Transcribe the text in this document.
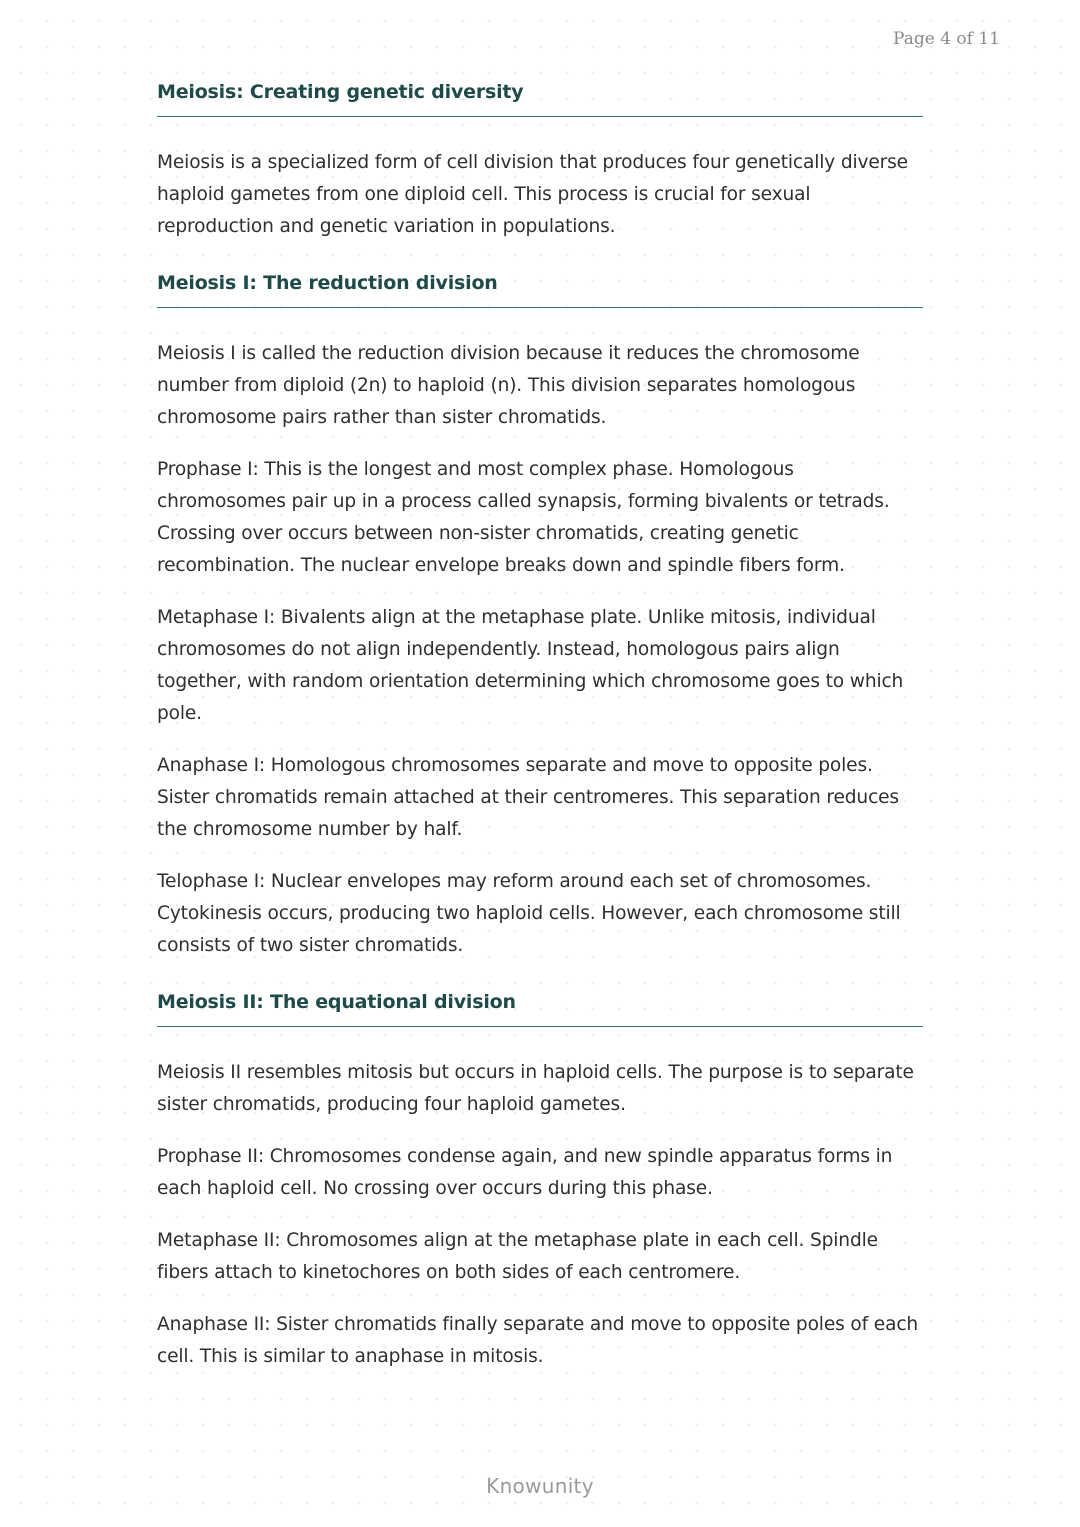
Page 4 of 11
Meiosis: Creating genetic diversity

Meiosis is a specialized form of cell division that produces four genetically diverse haploid gametes from one diploid cell. This process is crucial for sexual reproduction and genetic variation in populations.

Meiosis I: The reduction division

Meiosis I is called the reduction division because it reduces the chromosome number from diploid (2n) to haploid (n). This division separates homologous chromosome pairs rather than sister chromatids.

Prophase I: This is the longest and most complex phase. Homologous chromosomes pair up in a process called synapsis, forming bivalents or tetrads. Crossing over occurs between non-sister chromatids, creating genetic recombination. The nuclear envelope breaks down and spindle fibers form.

Metaphase I: Bivalents align at the metaphase plate. Unlike mitosis, individual chromosomes do not align independently. Instead, homologous pairs align together, with random orientation determining which chromosome goes to which pole.

Anaphase I: Homologous chromosomes separate and move to opposite poles. Sister chromatids remain attached at their centromeres. This separation reduces the chromosome number by half.

Telophase I: Nuclear envelopes may reform around each set of chromosomes. Cytokinesis occurs, producing two haploid cells. However, each chromosome still consists of two sister chromatids.

Meiosis II: The equational division

Meiosis II resembles mitosis but occurs in haploid cells. The purpose is to separate sister chromatids, producing four haploid gametes.

Prophase II: Chromosomes condense again, and new spindle apparatus forms in each haploid cell. No crossing over occurs during this phase.

Metaphase II: Chromosomes align at the metaphase plate in each cell. Spindle fibers attach to kinetochores on both sides of each centromere.

Anaphase II: Sister chromatids finally separate and move to opposite poles of each cell. This is similar to anaphase in mitosis.

Knowunity
